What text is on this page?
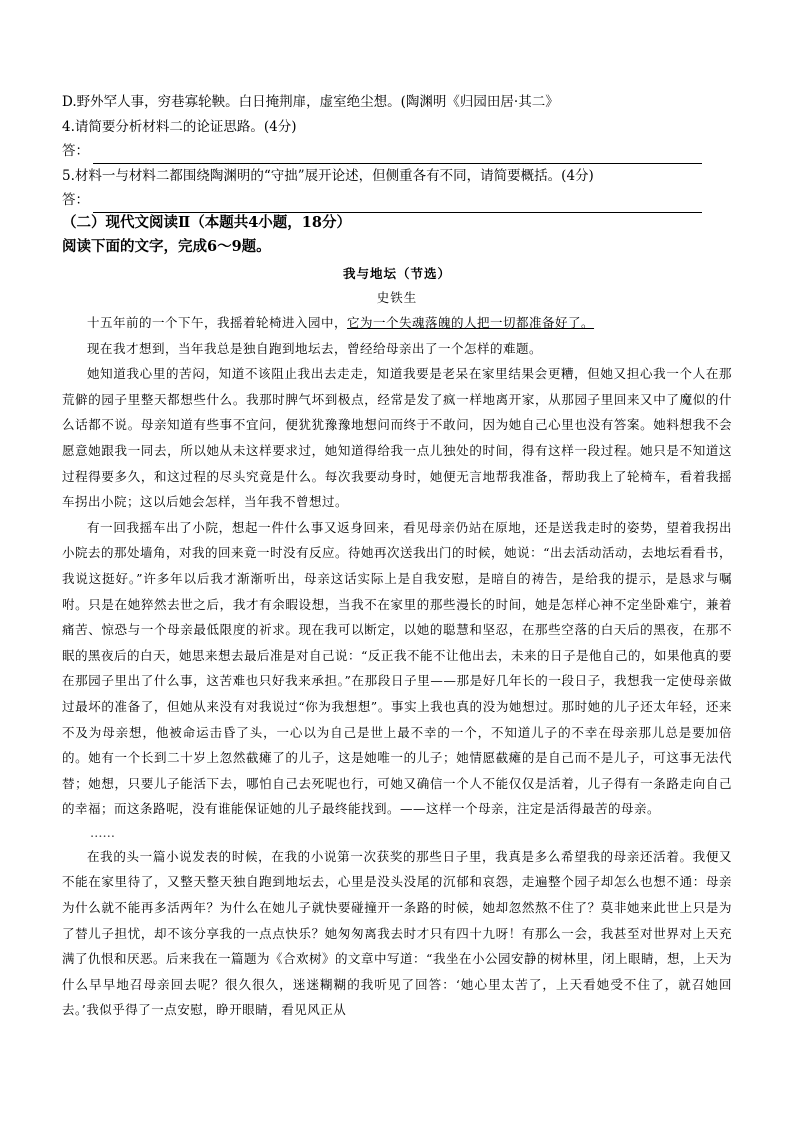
D.野外罕人事，穷巷寡轮鞅。白日掩荆扉，虚室绝尘想。(陶渊明《归园田居·其二》
4.请简要分析材料二的论证思路。(4分)
答：
5.材料一与材料二都围绕陶渊明的“守拙”展开论述，但侧重各有不同，请简要概括。(4分)
答：
（二）现代文阅读Ⅱ（本题共4小题，18分）
阅读下面的文字，完成6～9题。
我与地坛（节选）
史铁生

十五年前的一个下午，我摇着轮椅进入园中，它为一个失魂落魄的人把一切都准备好了。

现在我才想到，当年我总是独自跑到地坛去，曾经给母亲出了一个怎样的难题。

她知道我心里的苦闷，知道不该阻止我出去走走，知道我要是老呆在家里结果会更糟，但她又担心我一个人在那荒僻的园子里整天都想些什么。我那时脾气坏到极点，经常是发了疯一样地离开家，从那园子里回来又中了魔似的什么话都不说。母亲知道有些事不宜问，便犹犹豫豫地想问而终于不敢问，因为她自己心里也没有答案。她料想我不会愿意她跟我一同去，所以她从未这样要求过，她知道得给我一点儿独处的时间，得有这样一段过程。她只是不知道这过程得要多久，和这过程的尽头究竟是什么。每次我要动身时，她便无言地帮我准备，帮助我上了轮椅车，看着我摇车拐出小院；这以后她会怎样，当年我不曾想过。

有一回我摇车出了小院，想起一件什么事又返身回来，看见母亲仍站在原地，还是送我走时的姿势，望着我拐出小院去的那处墙角，对我的回来竟一时没有反应。待她再次送我出门的时候，她说：“出去活动活动，去地坛看看书，我说这挺好。”许多年以后我才渐渐听出，母亲这话实际上是自我安慰，是暗自的祷告，是给我的提示，是恳求与嘱咐。只是在她猝然去世之后，我才有余暇设想，当我不在家里的那些漫长的时间，她是怎样心神不定坐卧难宁，兼着痛苦、惊恐与一个母亲最低限度的祈求。现在我可以断定，以她的聪慧和坚忍，在那些空落的白天后的黑夜，在那不眠的黑夜后的白天，她思来想去最后准是对自己说：“反正我不能不让他出去，未来的日子是他自己的，如果他真的要在那园子里出了什么事，这苦难也只好我来承担。”在那段日子里——那是好几年长的一段日子，我想我一定使母亲做过最坏的准备了，但她从来没有对我说过“你为我想想”。事实上我也真的没为她想过。那时她的儿子还太年轻，还来不及为母亲想，他被命运击昏了头，一心以为自己是世上最不幸的一个，不知道儿子的不幸在母亲那儿总是要加倍的。她有一个长到二十岁上忽然截瘫了的儿子，这是她唯一的儿子；她情愿截瘫的是自己而不是儿子，可这事无法代替；她想，只要儿子能活下去，哪怕自己去死呢也行，可她又确信一个人不能仅仅是活着，儿子得有一条路走向自己的幸福；而这条路呢，没有谁能保证她的儿子最终能找到。——这样一个母亲，注定是活得最苦的母亲。

……

在我的头一篇小说发表的时候，在我的小说第一次获奖的那些日子里，我真是多么希望我的母亲还活着。我便又不能在家里待了，又整天整天独自跑到地坛去，心里是没头没尾的沉郁和哀怨，走遍整个园子却怎么也想不通：母亲为什么就不能再多活两年？为什么在她儿子就快要碰撞开一条路的时候，她却忽然熬不住了？莫非她来此世上只是为了替儿子担忧，却不该分享我的一点点快乐？她匆匆离我去时才只有四十九呀！有那么一会，我甚至对世界对上天充满了仇恨和厌恶。后来我在一篇题为《合欢树》的文章中写道：“我坐在小公园安静的树林里，闭上眼睛，想，上天为什么早早地召母亲回去呢？很久很久，迷迷糊糊的我听见了回答：‘她心里太苦了，上天看她受不住了，就召她回去。’我似乎得了一点安慰，睁开眼睛，看见风正从
